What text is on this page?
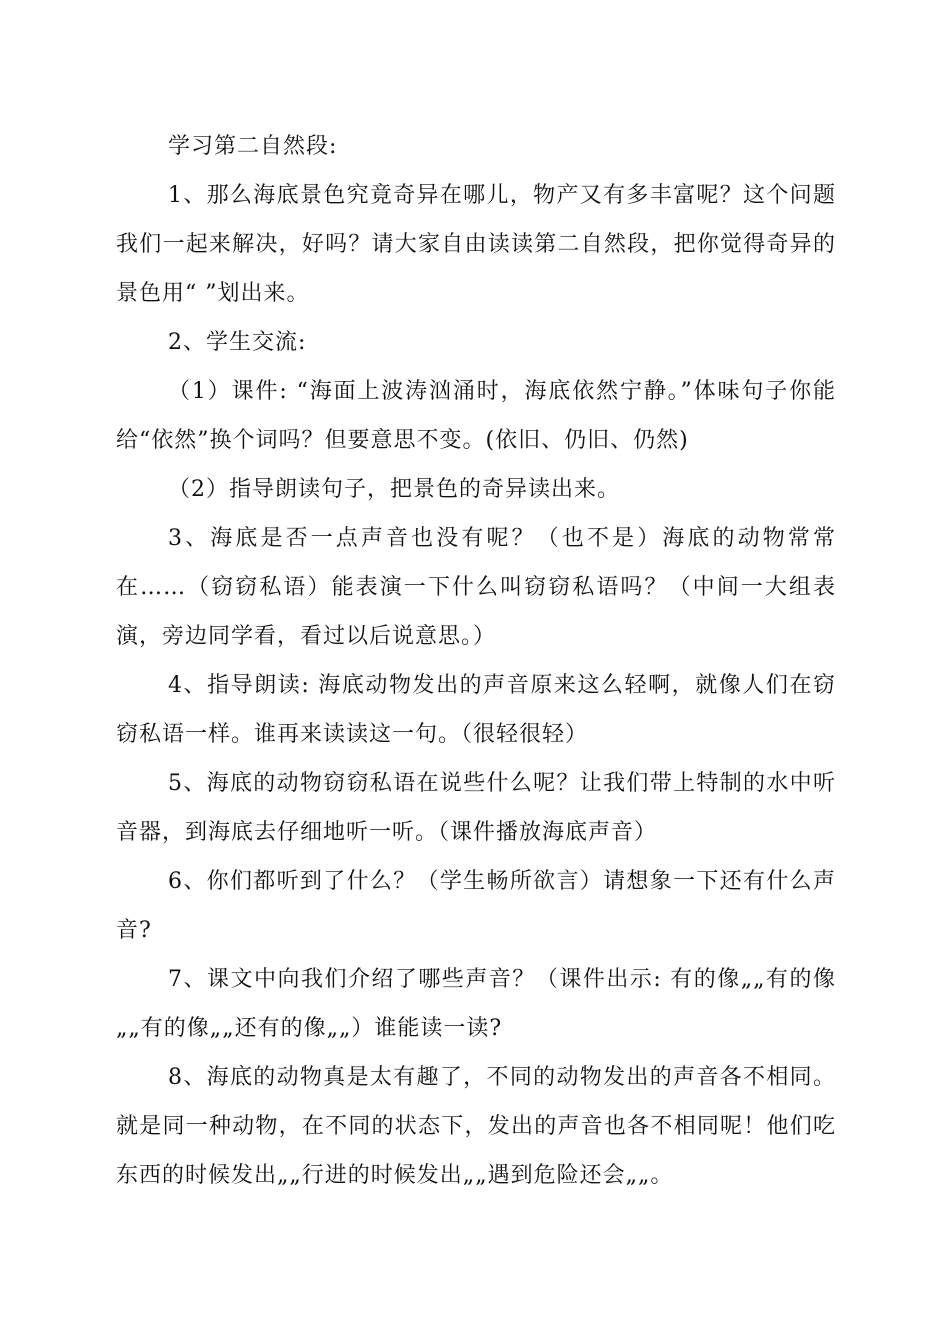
学习第二自然段:

1、那么海底景色究竟奇异在哪儿，物产又有多丰富呢？这个问题我们一起来解决，好吗？请大家自由读读第二自然段，把你觉得奇异的景色用“ ”划出来。

2、学生交流:

（1）课件: “海面上波涛汹涌时，海底依然宁静。”体味句子你能给“依然”换个词吗？但要意思不变。(依旧、仍旧、仍然)

（2）指导朗读句子，把景色的奇异读出来。

3、海底是否一点声音也没有呢？（也不是）海底的动物常常在……（窃窃私语）能表演一下什么叫窃窃私语吗？（中间一大组表演，旁边同学看，看过以后说意思。）

4、指导朗读: 海底动物发出的声音原来这么轻啊，就像人们在窃窃私语一样。谁再来读读这一句。（很轻很轻）

5、海底的动物窃窃私语在说些什么呢？让我们带上特制的水中听音器，到海底去仔细地听一听。（课件播放海底声音）

6、你们都听到了什么？（学生畅所欲言）请想象一下还有什么声音?

7、课文中向我们介绍了哪些声音？（课件出示: 有的像„„有的像„„有的像„„还有的像„„）谁能读一读?

8、海底的动物真是太有趣了，不同的动物发出的声音各不相同。就是同一种动物，在不同的状态下，发出的声音也各不相同呢！他们吃东西的时候发出„„行进的时候发出„„遇到危险还会„„。
